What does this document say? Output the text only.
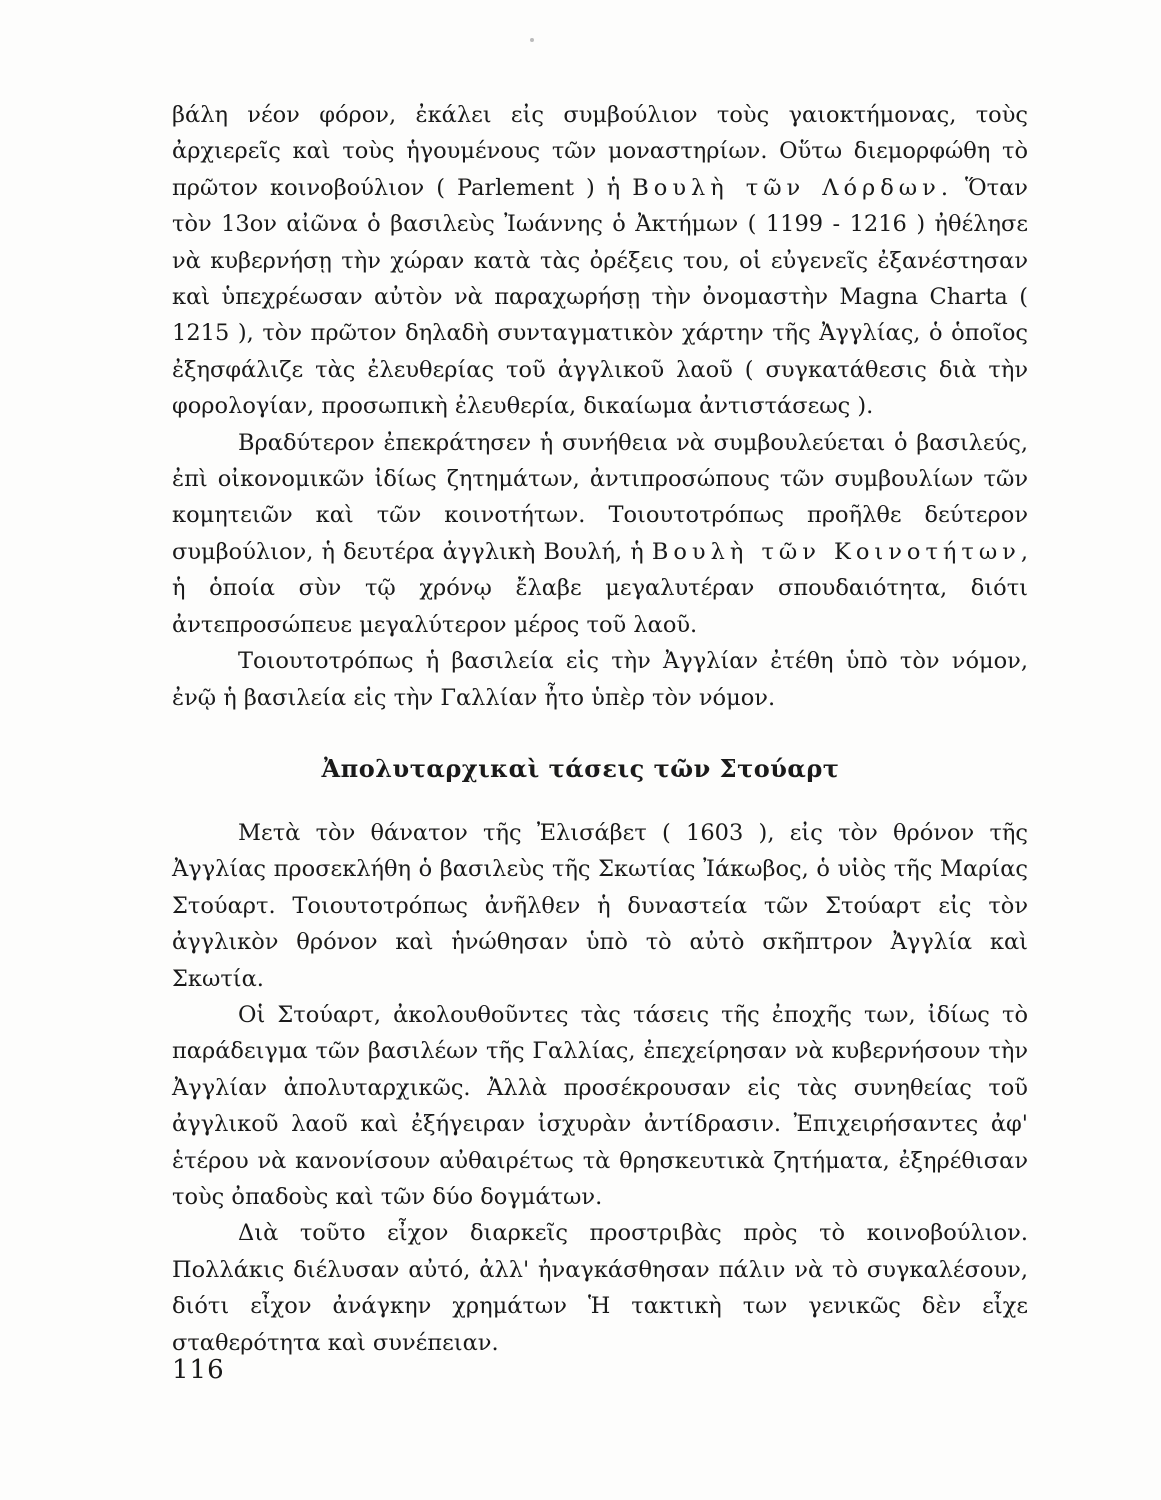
βάλη νέον φόρον, ἐκάλει εἰς συμβούλιον τοὺς γαιοκτήμονας, τοὺς ἀρχιερεῖς καὶ τοὺς ἡγουμένους τῶν μοναστηρίων. Οὕτω διεμορφώθη τὸ πρῶτον κοινοβούλιον ( Parlement ) ἡ Βουλὴ τῶν Λόρδων. Ὅταν τὸν 13ον αἰῶνα ὁ βασιλεὺς Ἰωάννης ὁ Ἀκτήμων ( 1199 - 1216 ) ἠθέλησε νὰ κυβερνήσῃ τὴν χώραν κατὰ τὰς ὀρέξεις του, οἱ εὐγενεῖς ἐξανέστησαν καὶ ὑπεχρέωσαν αὐτὸν νὰ παραχωρήσῃ τὴν ὀνομαστὴν Magna Charta ( 1215 ), τὸν πρῶτον δηλαδὴ συνταγματικὸν χάρτην τῆς Ἀγγλίας, ὁ ὁποῖος ἐξησφάλιζε τὰς ἐλευθερίας τοῦ ἀγγλικοῦ λαοῦ ( συγκατάθεσις διὰ τὴν φορολογίαν, προσωπικὴ ἐλευθερία, δικαίωμα ἀντιστάσεως ).

Βραδύτερον ἐπεκράτησεν ἡ συνήθεια νὰ συμβουλεύεται ὁ βασιλεύς, ἐπὶ οἰκονομικῶν ἰδίως ζητημάτων, ἀντιπροσώπους τῶν συμβουλίων τῶν κομητειῶν καὶ τῶν κοινοτήτων. Τοιουτοτρόπως προῆλθε δεύτερον συμβούλιον, ἡ δευτέρα ἀγγλικὴ Βουλή, ἡ Βουλὴ τῶν Κοινοτήτων, ἡ ὁποία σὺν τῷ χρόνῳ ἔλαβε μεγαλυτέραν σπουδαιότητα, διότι ἀντεπροσώπευε μεγαλύτερον μέρος τοῦ λαοῦ.

Τοιουτοτρόπως ἡ βασιλεία εἰς τὴν Ἀγγλίαν ἐτέθη ὑπὸ τὸν νόμον, ἐνῷ ἡ βασιλεία εἰς τὴν Γαλλίαν ἦτο ὑπὲρ τὸν νόμον.

Ἀπολυταρχικαὶ τάσεις τῶν Στούαρτ

Μετὰ τὸν θάνατον τῆς Ἐλισάβετ ( 1603 ), εἰς τὸν θρόνον τῆς Ἀγγλίας προσεκλήθη ὁ βασιλεὺς τῆς Σκωτίας Ἰάκωβος, ὁ υἱὸς τῆς Μαρίας Στούαρτ. Τοιουτοτρόπως ἀνῆλθεν ἡ δυναστεία τῶν Στούαρτ εἰς τὸν ἀγγλικὸν θρόνον καὶ ἡνώθησαν ὑπὸ τὸ αὐτὸ σκῆπτρον Ἀγγλία καὶ Σκωτία.

Οἱ Στούαρτ, ἀκολουθοῦντες τὰς τάσεις τῆς ἐποχῆς των, ἰδίως τὸ παράδειγμα τῶν βασιλέων τῆς Γαλλίας, ἐπεχείρησαν νὰ κυβερνήσουν τὴν Ἀγγλίαν ἀπολυταρχικῶς. Ἀλλὰ προσέκρουσαν εἰς τὰς συνηθείας τοῦ ἀγγλικοῦ λαοῦ καὶ ἐξήγειραν ἰσχυρὰν ἀντίδρασιν. Ἐπιχειρήσαντες ἀφ' ἑτέρου νὰ κανονίσουν αὐθαιρέτως τὰ θρησκευτικὰ ζητήματα, ἐξηρέθισαν τοὺς ὀπαδοὺς καὶ τῶν δύο δογμάτων.

Διὰ τοῦτο εἶχον διαρκεῖς προστριβὰς πρὸς τὸ κοινοβούλιον. Πολλάκις διέλυσαν αὐτό, ἀλλ' ἠναγκάσθησαν πάλιν νὰ τὸ συγκαλέσουν, διότι εἶχον ἀνάγκην χρημάτων Ἡ τακτικὴ των γενικῶς δὲν εἶχε σταθερότητα καὶ συνέπειαν.

116
